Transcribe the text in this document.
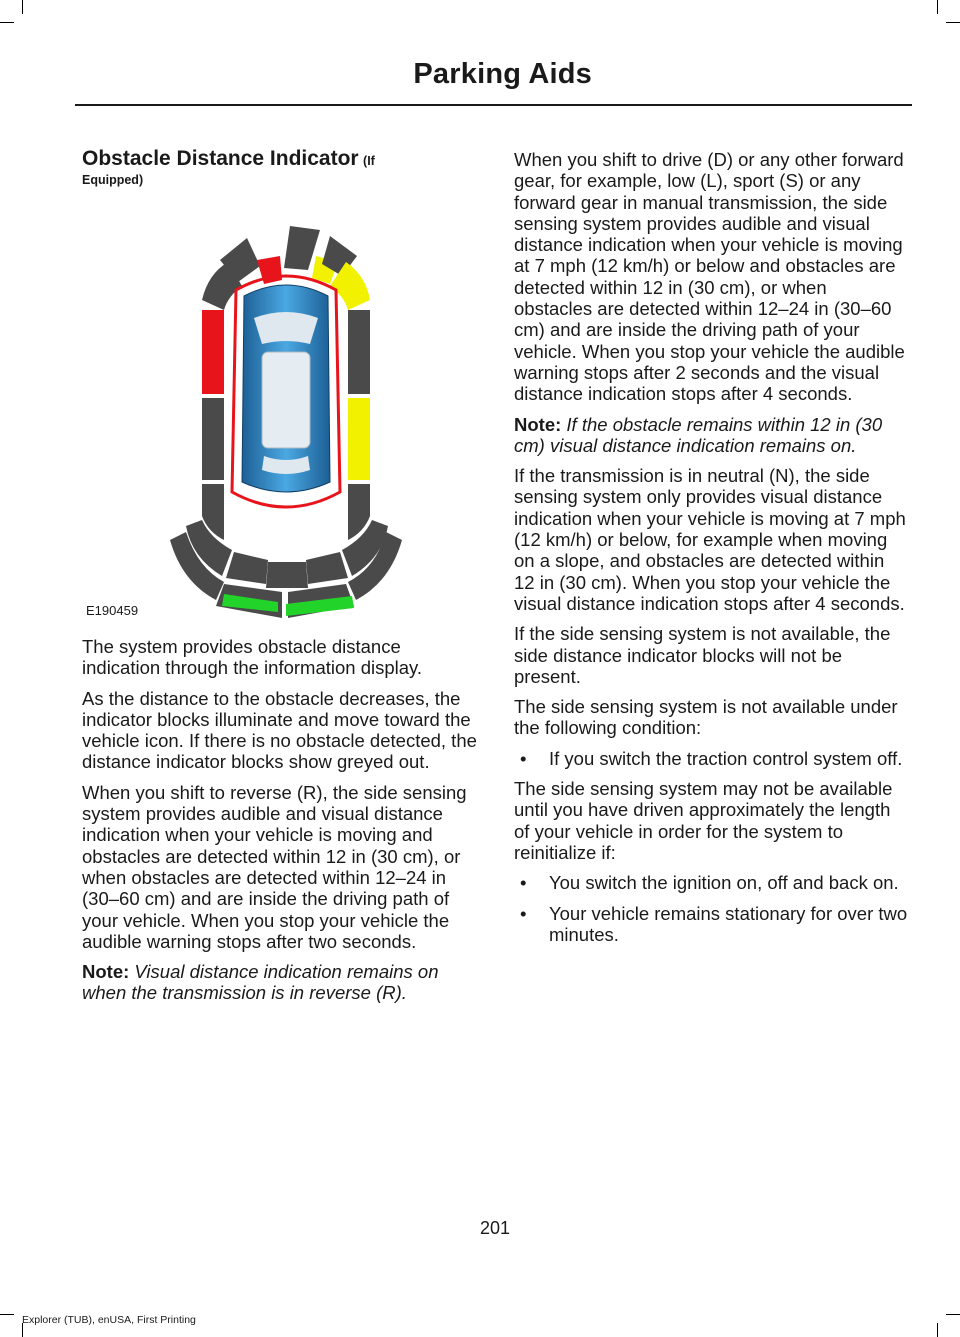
Parking Aids
Obstacle Distance Indicator (If
Equipped)
E190459

The system provides obstacle distance indication through the information display.

As the distance to the obstacle decreases, the indicator blocks illuminate and move toward the vehicle icon. If there is no obstacle detected, the distance indicator blocks show greyed out.

When you shift to reverse (R), the side sensing system provides audible and visual distance indication when your vehicle is moving and obstacles are detected within 12 in (30 cm), or when obstacles are detected within 12–24 in (30–60 cm) and are inside the driving path of your vehicle. When you stop your vehicle the audible warning stops after two seconds.

Note: Visual distance indication remains on when the transmission is in reverse (R).

When you shift to drive (D) or any other forward gear, for example, low (L), sport (S) or any forward gear in manual transmission, the side sensing system provides audible and visual distance indication when your vehicle is moving at 7 mph (12 km/h) or below and obstacles are detected within 12 in (30 cm), or when obstacles are detected within 12–24 in (30–60 cm) and are inside the driving path of your vehicle. When you stop your vehicle the audible warning stops after 2 seconds and the visual distance indication stops after 4 seconds.

Note: If the obstacle remains within 12 in (30 cm) visual distance indication remains on.

If the transmission is in neutral (N), the side sensing system only provides visual distance indication when your vehicle is moving at 7 mph (12 km/h) or below, for example when moving on a slope, and obstacles are detected within 12 in (30 cm). When you stop your vehicle the visual distance indication stops after 4 seconds.

If the side sensing system is not available, the side distance indicator blocks will not be present.

The side sensing system is not available under the following condition:

• If you switch the traction control system off.

The side sensing system may not be available until you have driven approximately the length of your vehicle in order for the system to reinitialize if:

• You switch the ignition on, off and back on.

• Your vehicle remains stationary for over two minutes.

201
Explorer (TUB), enUSA, First Printing
